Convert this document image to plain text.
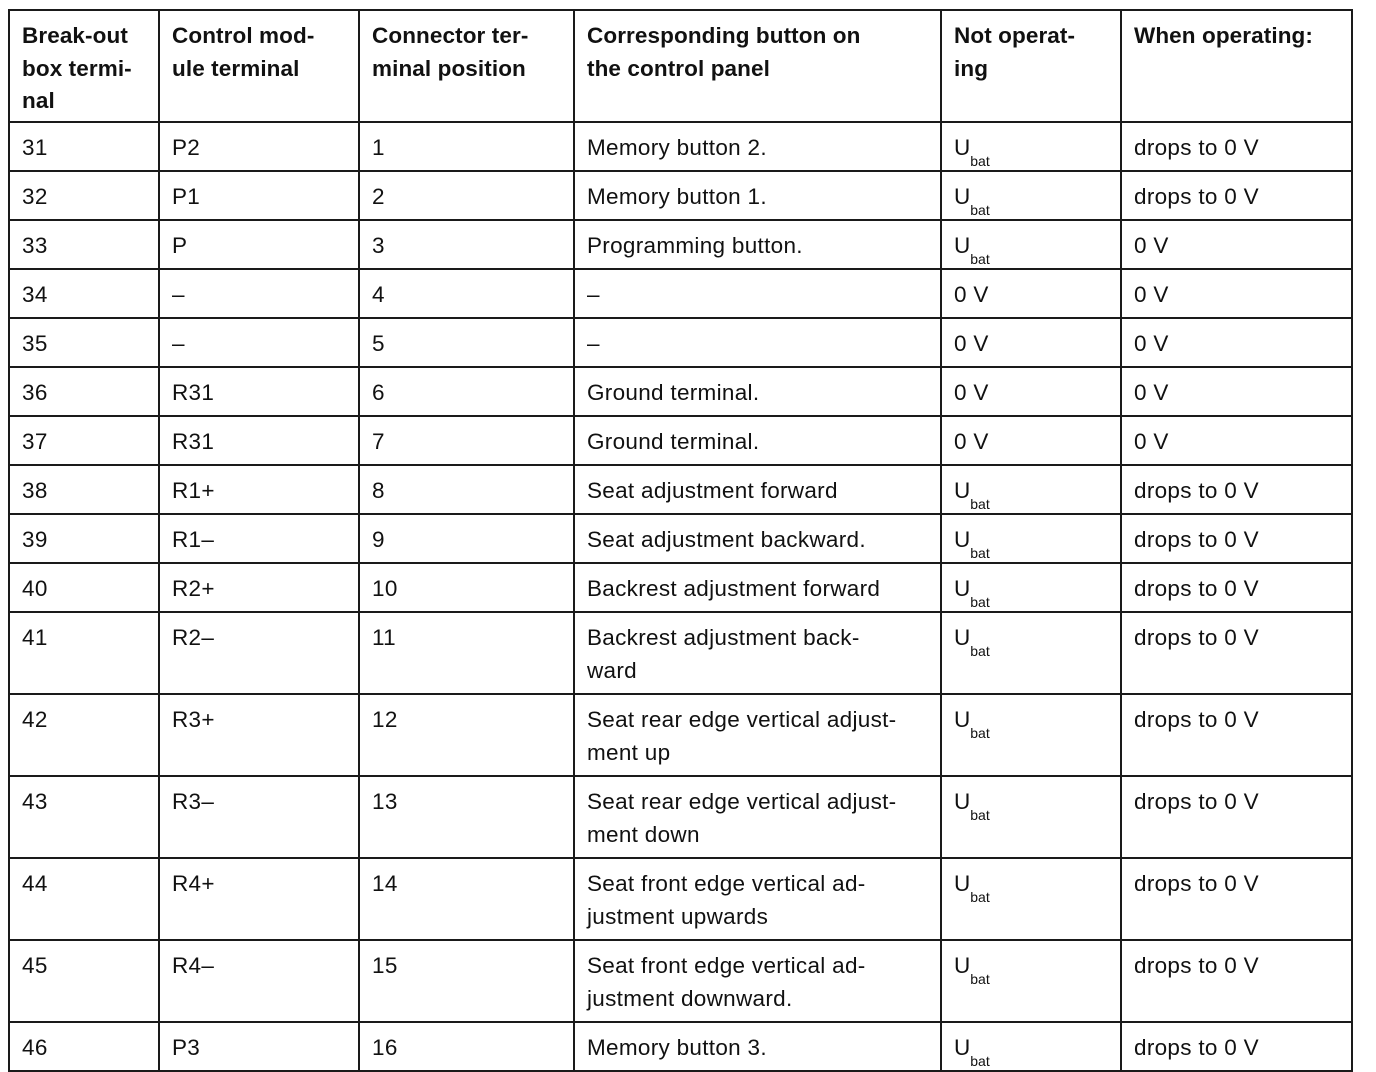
Break-out
box termi-
nal	Control mod-
ule terminal	Connector ter-
minal position	Corresponding button on
the control panel	Not operat-
ing	When operating:
31	P2	1	Memory button 2.	$U_{bat}$	drops to 0 V
32	P1	2	Memory button 1.	$U_{bat}$	drops to 0 V
33	P	3	Programming button.	$U_{bat}$	0 V
34	–	4	–	0 V	0 V
35	–	5	–	0 V	0 V
36	R31	6	Ground terminal.	0 V	0 V
37	R31	7	Ground terminal.	0 V	0 V
38	R1+	8	Seat adjustment forward	$U_{bat}$	drops to 0 V
39	R1–	9	Seat adjustment backward.	$U_{bat}$	drops to 0 V
40	R2+	10	Backrest adjustment forward	$U_{bat}$	drops to 0 V
41	R2–	11	Backrest adjustment back-
ward	$U_{bat}$	drops to 0 V
42	R3+	12	Seat rear edge vertical adjust-
ment up	$U_{bat}$	drops to 0 V
43	R3–	13	Seat rear edge vertical adjust-
ment down	$U_{bat}$	drops to 0 V
44	R4+	14	Seat front edge vertical ad-
justment upwards	$U_{bat}$	drops to 0 V
45	R4–	15	Seat front edge vertical ad-
justment downward.	$U_{bat}$	drops to 0 V
46	P3	16	Memory button 3.	$U_{bat}$	drops to 0 V
